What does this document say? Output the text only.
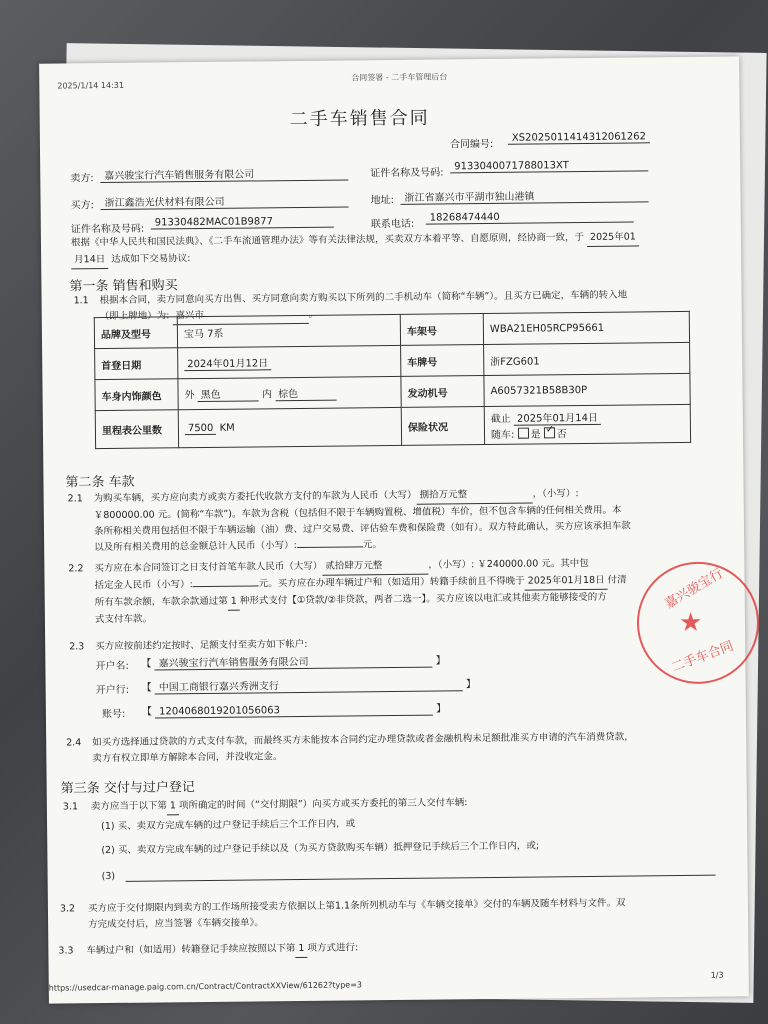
2025/1/14 14:31
合同签署 - 二手车管理后台
二手车销售合同
合同编号:
XS20250114143120612​62
卖方:	嘉兴骏宝行汽车销售服务有限公司	证件名称及号码:
9133040071788013XT
买方:	浙江鑫浩光伏材料有限公司	地址:	浙江省嘉兴市平湖市独山港镇
证件名称及号码:
91330482MAC01B9877	联系电话:
18268474440
根据《中华人民共和国民法典》、《二手车流通管理办法》等有关法律法规，买卖双方本着平等、自愿原则，经协商一致，于 2025年01
月14日 达成如下交易协议:
第一条 销售和购买
1.1 根据本合同，卖方同意向买方出售、买方同意向卖方购买以下所列的二手机动车（简称“车辆”）。且买方已确定，车辆的转入地
（即上牌地）为: 嘉兴市	。
品牌及型号	宝马 7系	车架号	WBA21EH05RCP95661
首登日期	2024年01月12日	车牌号	浙FZG601
车身内饰颜色	外 黑色 内 棕色	发动机号	A6057321B58B30P
里程表公里数	7500 KM	保险状况	截止 2025年01月14日
随车: 是 ✓ 否
第二条 车款
2.1 为购买车辆，买方应向卖方或卖方委托代收款方支付的车款为人民币（大写） 捌拾万元整	，（小写）:
￥800000.00 元。(简称“车款”)。车款为含税（包括但不限于车辆购置税、增值税）车价，但不包含车辆的任何相关费用。本
条所称相关费用包括但不限于车辆运输（油）费、过户交易费、评估验车费和保险费（如有）。双方特此确认，买方应该承担车款
以及所有相关费用的总金额总计人民币（小写）:	元。
2.2 买方应在本合同签订之日支付首笔车款人民币（大写） 贰拾肆万元整	，（小写）: ￥240000.00 元。其中包
括定金人民币（小写）:	元。买方应在办理车辆过户和（如适用）转籍手续前且不得晚于 2025年01月18日 付清
所有车款余额，车款余款通过第 1 种形式支付【①贷款/②非贷款，两者二选一】。买方应该以电汇或其他卖方能够接受的方
式支付车款。
2.3 买方应按前述约定按时、足额支付至卖方如下帐户:
开户名: 【 嘉兴骏宝行汽车销售服务有限公司	】
开户行: 【 中国工商银行嘉兴秀洲支行	】
账号: 【 1204068019201056063	】
2.4 如买方选择通过贷款的方式支付车款，而最终买方未能按本合同约定办理贷款或者金融机构未足额批准买方申请的汽车消费贷款，
卖方有权立即单方解除本合同，并没收定金。
第三条 交付与过户登记
3.1 卖方应当于以下第 1 项所确定的时间（“交付期限”）向买方或买方委托的第三人交付车辆:
(1) 买、卖双方完成车辆的过户登记手续后三个工作日内，或
(2) 买、卖双方完成车辆的过户登记手续以及（为买方贷款购买车辆）抵押登记手续后三个工作日内，或;
(3)
3.2 买方应于交付期限内到卖方的工作场所接受卖方依据以上第1.1条所列机动车与《车辆交接单》交付的车辆及随车材料与文件。双
方完成交付后，应当签署《车辆交接单》。
3.3 车辆过户和（如适用）转籍登记手续应按照以下第 1 项方式进行:
https://usedcar-manage.paig.com.cn/Contract/ContractXXView/61262?type=3
1/3
★
嘉兴骏宝行
二手车合同
